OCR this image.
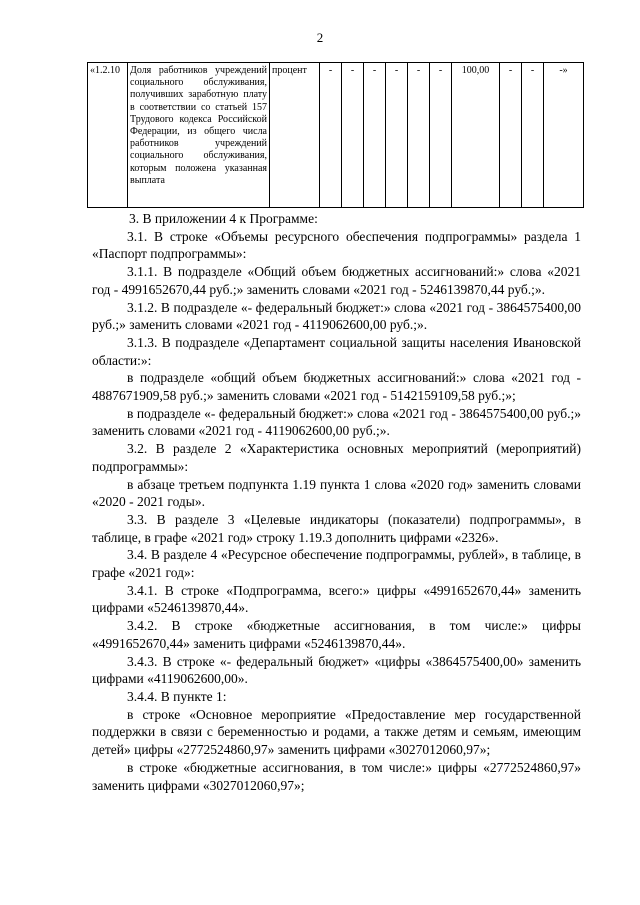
2
«1.2.10	Доля работников учреждений социального обслуживания, получивших заработную плату в соответствии со статьей 157 Трудового кодекса Российской Федерации, из общего числа работников учреждений социального обслуживания, которым положена указанная выплата	процент	-	-	-	-	-	-	100,00	-	-	-»

3. В приложении 4 к Программе:

3.1. В строке «Объемы ресурсного обеспечения подпрограммы» раздела 1 «Паспорт подпрограммы»:

3.1.1. В подразделе «Общий объем бюджетных ассигнований:» слова «2021 год - 4991652670,44 руб.;» заменить словами «2021 год - 5246139870,44 руб.;».

3.1.2. В подразделе «- федеральный бюджет:» слова «2021 год - 3864575400,00 руб.;» заменить словами «2021 год - 4119062600,00 руб.;».

3.1.3. В подразделе «Департамент социальной защиты населения Ивановской области:»:

в подразделе «общий объем бюджетных ассигнований:» слова «2021 год - 4887671909,58 руб.;» заменить словами «2021 год - 5142159109,58 руб.;»;

в подразделе «- федеральный бюджет:» слова «2021 год - 3864575400,00 руб.;» заменить словами «2021 год - 4119062600,00 руб.;».

3.2. В разделе 2 «Характеристика основных мероприятий (мероприятий) подпрограммы»:

в абзаце третьем подпункта 1.19 пункта 1 слова «2020 год» заменить словами «2020 - 2021 годы».

3.3. В разделе 3 «Целевые индикаторы (показатели) подпрограммы», в таблице, в графе «2021 год» строку 1.19.3 дополнить цифрами «2326».

3.4. В разделе 4 «Ресурсное обеспечение подпрограммы, рублей», в таблице, в графе «2021 год»:

3.4.1. В строке «Подпрограмма, всего:» цифры «4991652670,44» заменить цифрами «5246139870,44».

3.4.2. В строке «бюджетные ассигнования, в том числе:» цифры «4991652670,44» заменить цифрами «5246139870,44».

3.4.3. В строке «- федеральный бюджет» «цифры «3864575400,00» заменить цифрами «4119062600,00».

3.4.4. В пункте 1:

в строке «Основное мероприятие «Предоставление мер государственной поддержки в связи с беременностью и родами, а также детям и семьям, имеющим детей» цифры «2772524860,97» заменить цифрами «3027012060,97»;

в строке «бюджетные ассигнования, в том числе:» цифры «2772524860,97» заменить цифрами «3027012060,97»;
